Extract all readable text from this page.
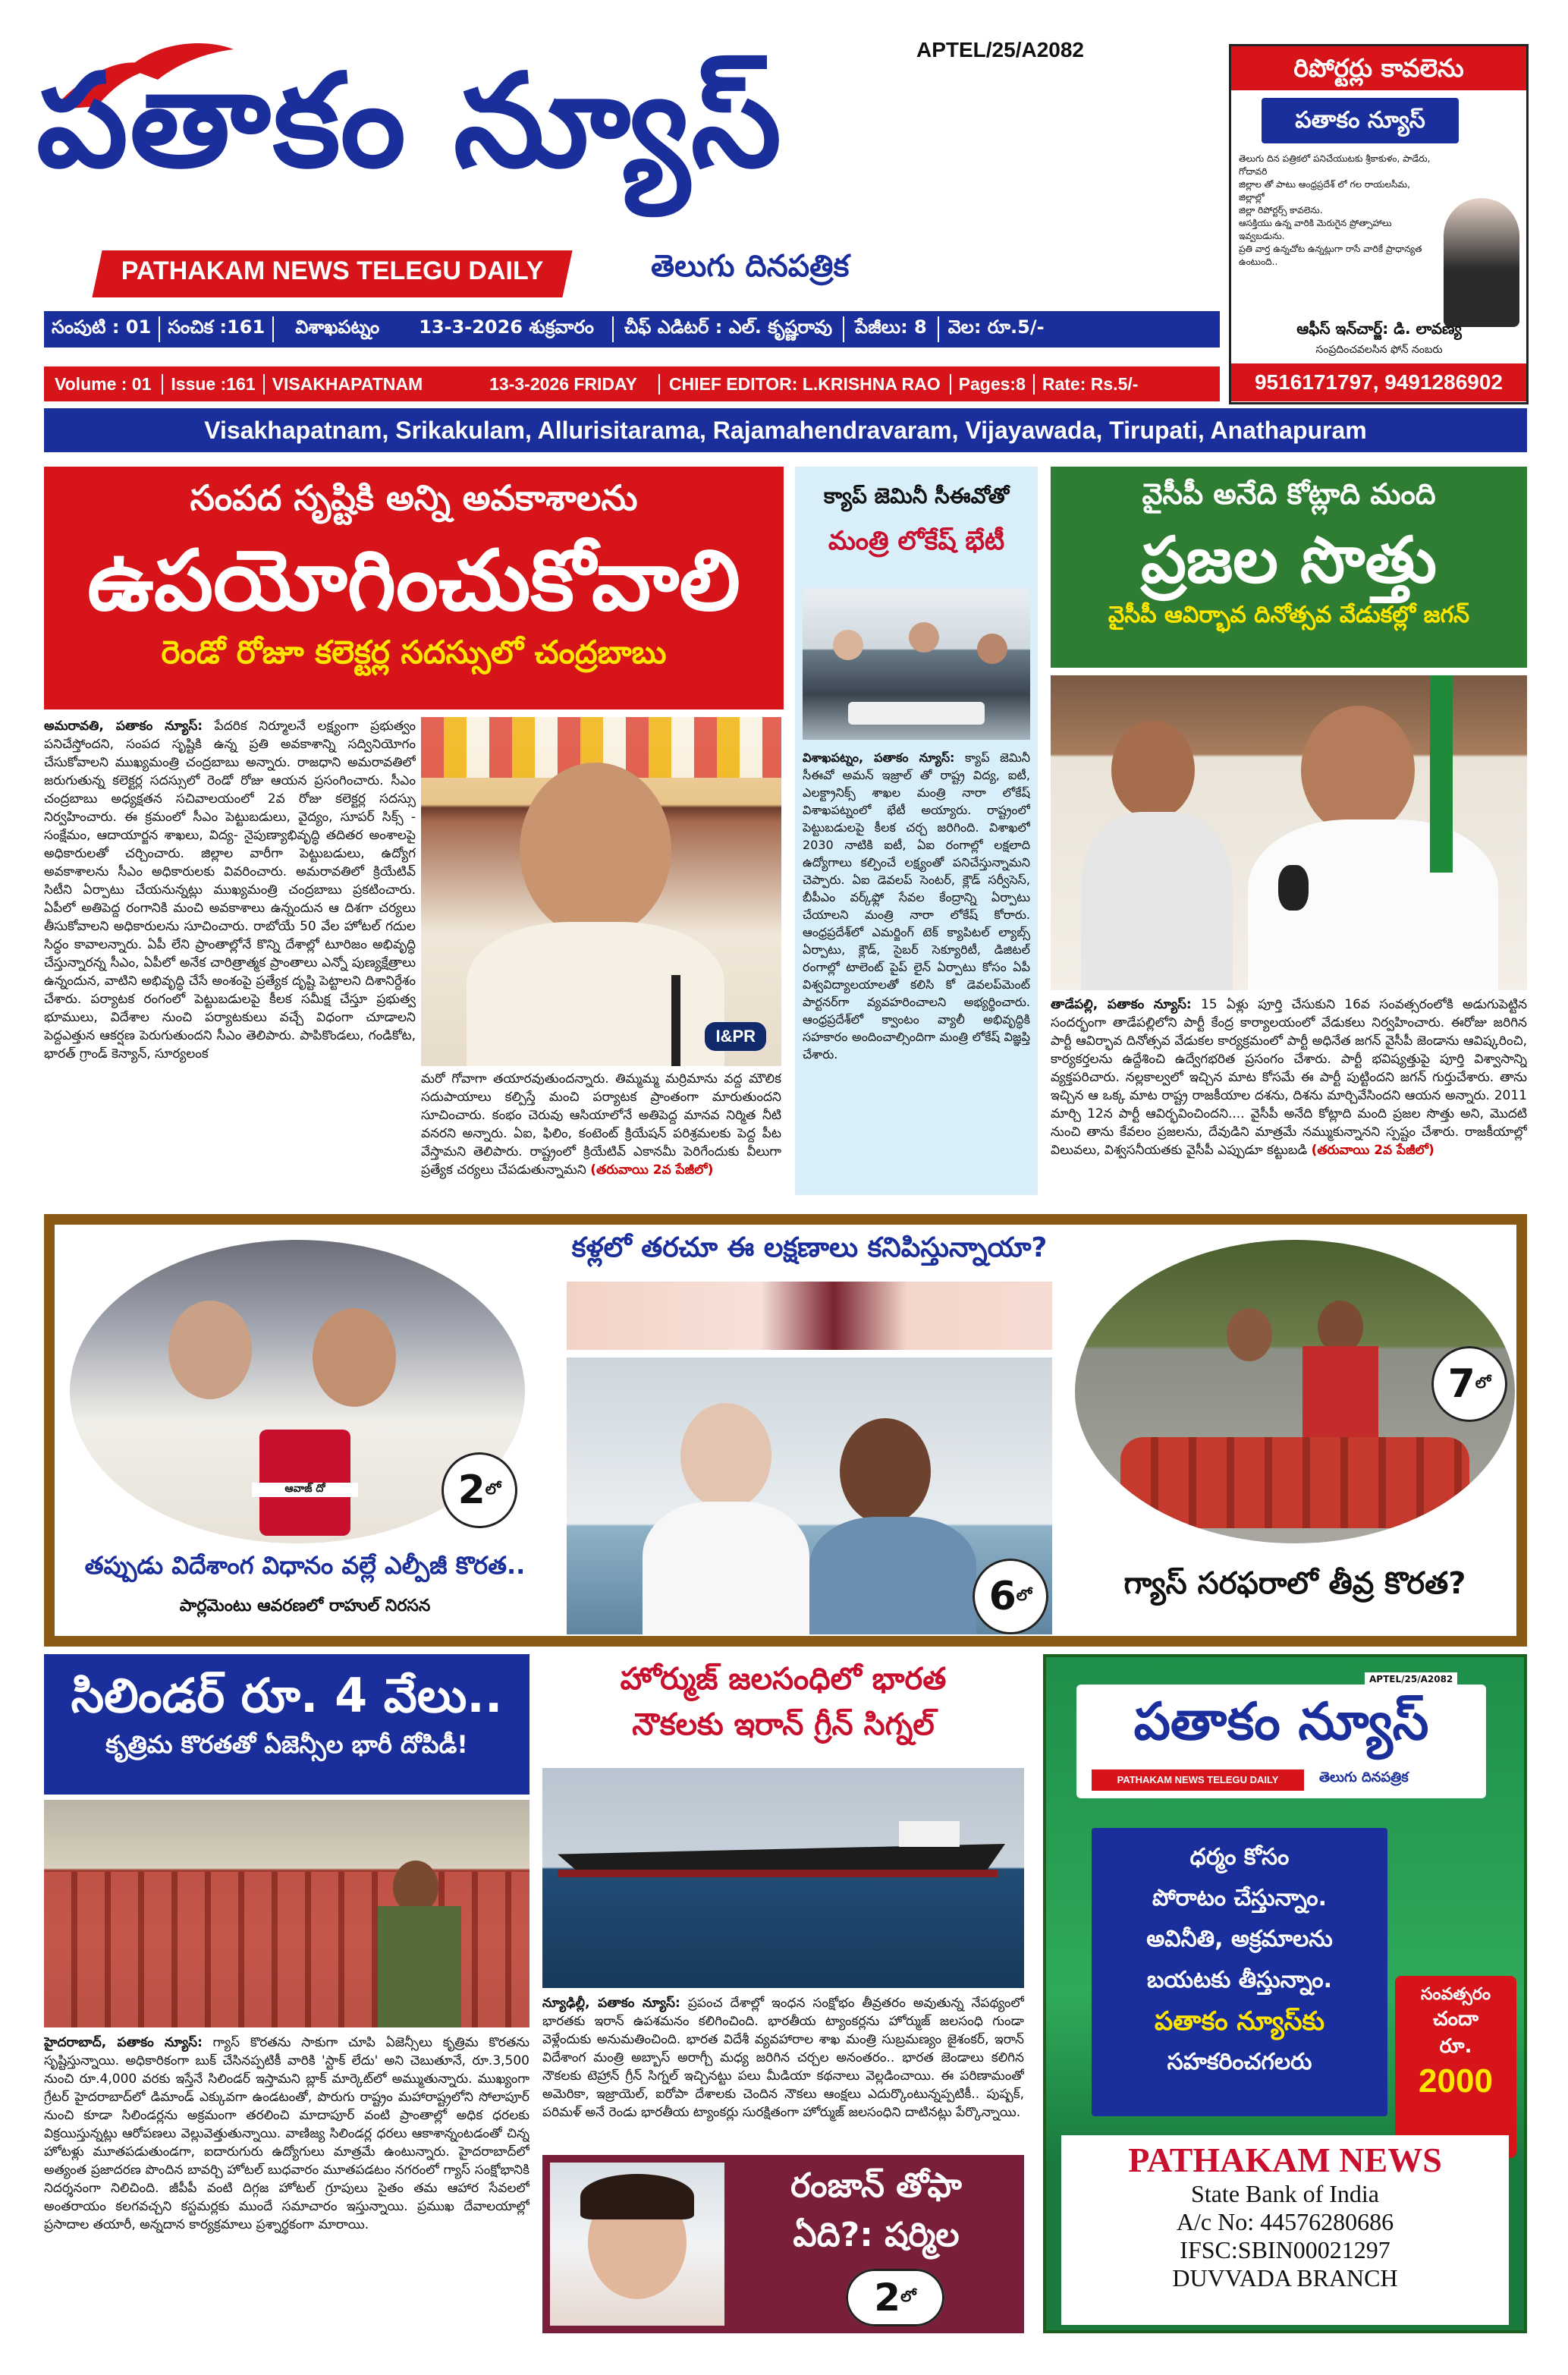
పతాకం న్యూస్	APTEL/25/A2082
PATHAKAM NEWS TELEGU DAILY	తెలుగు దినపత్రిక
సంపుటి : 01 సంచిక :161	విశాఖపట్నం	13-3-2026 శుక్రవారం	చీఫ్ ఎడిటర్ : ఎల్. కృష్ణరావు	పేజీలు: 8	వెల: రూ.5/-
Volume : 01	Issue :161 VISAKHAPATNAM	13-3-2026 FRIDAY	CHIEF EDITOR: L.KRISHNA RAO	Pages:8 Rate: Rs.5/-
రిపోర్టర్లు కావలెను
పతాకం న్యూస్
తెలుగు దిన పత్రికలో పనిచేయుటకు శ్రీకాకుళం, పాడేరు, గోదావరి
జిల్లాల తో పాటు ఆంధ్రప్రదేశ్ లో గల రాయలసీమ, జిల్లాల్లో
జిల్లా రిపోర్టర్స్ కావలెను.
ఆసక్తియు ఉన్న వారికి మెరుగైన ప్రోత్సాహాలు ఇవ్వబడును.
ప్రతి వార్త ఉన్నచోట ఉన్నట్లుగా రాసే వారికే ప్రాధాన్యత ఉంటుంది..
ఆఫీస్ ఇన్‌చార్జ్: డి. లావణ్య
సంప్రదించవలసిన ఫోన్ నంబరు
9516171797, 9491286902
Visakhapatnam, Srikakulam, Allurisitarama, Rajamahendravaram, Vijayawada, Tirupati, Anathapuram
సంపద సృష్టికి అన్ని అవకాశాలను
ఉపయోగించుకోవాలి
రెండో రోజూ కలెక్టర్ల సదస్సులో చంద్రబాబు
అమరావతి, పతాకం న్యూస్: పేదరిక నిర్మూలనే లక్ష్యంగా ప్రభుత్వం పనిచేస్తోందని, సంపద సృష్టికి ఉన్న ప్రతి అవకాశాన్ని సద్వినియోగం చేసుకోవాలని ముఖ్యమంత్రి చంద్రబాబు అన్నారు. రాజధాని అమరావతిలో జరుగుతున్న కలెక్టర్ల సదస్సులో రెండో రోజు ఆయన ప్రసంగించారు. సీఎం చంద్రబాబు అధ్యక్షతన సచివాలయంలో 2వ రోజు కలెక్టర్ల సదస్సు నిర్వహించారు. ఈ క్రమంలో సీఎం పెట్టుబడులు, వైద్యం, సూపర్ సిక్స్ - సంక్షేమం, ఆదాయార్జన శాఖలు, విద్య- నైపుణ్యాభివృద్ధి తదితర అంశాలపై అధికారులతో చర్చించారు. జిల్లాల వారీగా పెట్టుబడులు, ఉద్యోగ అవకాశాలను సీఎం అధికారులకు వివరించారు. అమరావతిలో క్రియేటివ్ సిటీని ఏర్పాటు చేయనున్నట్లు ముఖ్యమంత్రి చంద్రబాబు ప్రకటించారు. ఏపీలో అతిపెద్ద రంగానికి మంచి అవకాశాలు ఉన్నందున ఆ దిశగా చర్యలు తీసుకోవాలని అధికారులను సూచించారు. రాబోయే 50 వేల హోటల్ గదుల సిద్ధం కావాలన్నారు. ఏపీ లేని ప్రాంతాల్లోనే కొన్ని దేశాల్లో టూరిజం అభివృద్ధి చేస్తున్నారన్న సీఎం, ఏపీలో అనేక చారిత్రాత్మక ప్రాంతాలు ఎన్నో పుణ్యక్షేత్రాలు ఉన్నందున, వాటిని అభివృద్ధి చేసే అంశంపై ప్రత్యేక దృష్టి పెట్టాలని దిశానిర్దేశం చేశారు. పర్యాటక రంగంలో పెట్టుబడులపై కీలక సమీక్ష చేస్తూ ప్రభుత్వ భూములు, విదేశాల నుంచి పర్యాటకులు వచ్చే విధంగా చూడాలని పెద్దఎత్తున ఆకర్షణ పెరుగుతుందని సీఎం తెలిపారు. పాపికొండలు, గండికోట, భారత్ గ్రాండ్ కెన్యాన్, సూర్యలంక
I&PR
మరో గోవాగా తయారవుతుందన్నారు. తిమ్మమ్మ మర్రిమాను వద్ద మౌలిక సదుపాయాలు కల్పిస్తే మంచి పర్యాటక ప్రాంతంగా మారుతుందని సూచించారు. కంభం చెరువు ఆసియాలోనే అతిపెద్ద మానవ నిర్మిత నీటి వనరని అన్నారు. ఏఐ, ఫిలిం, కంటెంట్ క్రియేషన్ పరిశ్రమలకు పెద్ద పీట వేస్తామని తెలిపారు. రాష్ట్రంలో క్రియేటివ్ ఎకానమీ పెరిగేందుకు వీలుగా ప్రత్యేక చర్యలు చేపడుతున్నామని (తరువాయి 2వ పేజీలో)
క్యాప్ జెమినీ సీఈవోతో
మంత్రి లోకేష్ భేటీ
విశాఖపట్నం, పతాకం న్యూస్: క్యాప్ జెమినీ సీఈవో అమన్ ఇజ్రాల్ తో రాష్ట్ర విద్య, ఐటీ, ఎలక్ట్రానిక్స్ శాఖల మంత్రి నారా లోకేష్ విశాఖపట్నంలో భేటీ అయ్యారు. రాష్ట్రంలో పెట్టుబడులపై కీలక చర్చ జరిగింది. విశాఖలో 2030 నాటికి ఐటీ, ఏఐ రంగాల్లో లక్షలాది ఉద్యోగాలు కల్పించే లక్ష్యంతో పనిచేస్తున్నామని చెప్పారు. ఏఐ డెవలప్ సెంటర్, క్లౌడ్ సర్వీసెస్, బీపీఎం వర్క్‌ఫ్లో సేవల కేంద్రాన్ని ఏర్పాటు చేయాలని మంత్రి నారా లోకేష్ కోరారు. ఆంధ్రప్రదేశ్‌లో ఎమర్జింగ్ టెక్ క్యాపిటల్ ల్యాబ్స్ ఏర్పాటు, క్లౌడ్, సైబర్ సెక్యూరిటీ, డిజిటల్ రంగాల్లో టాలెంట్ పైప్ లైన్ ఏర్పాటు కోసం ఏపీ విశ్వవిద్యాలయాలతో కలిసి కో డెవలప్‌మెంట్ పార్టనర్‌గా వ్యవహరించాలని అభ్యర్థించారు. ఆంధ్రప్రదేశ్‌లో క్వాంటం వ్యాలీ అభివృద్ధికి సహకారం అందించాల్సిందిగా మంత్రి లోకేష్ విజ్ఞప్తి చేశారు.
వైసీపీ అనేది కోట్లాది మంది
ప్రజల సొత్తు
వైసీపీ ఆవిర్భావ దినోత్సవ వేడుకల్లో జగన్
తాడేపల్లి, పతాకం న్యూస్: 15 ఏళ్లు పూర్తి చేసుకుని 16వ సంవత్సరంలోకి అడుగుపెట్టిన సందర్భంగా తాడేపల్లిలోని పార్టీ కేంద్ర కార్యాలయంలో వేడుకలు నిర్వహించారు. ఈరోజు జరిగిన పార్టీ ఆవిర్భావ దినోత్సవ వేడుకల కార్యక్రమంలో పార్టీ అధినేత జగన్ వైసీపీ జెండాను ఆవిష్కరించి, కార్యకర్తలను ఉద్దేశించి ఉద్వేగభరిత ప్రసంగం చేశారు. పార్టీ భవిష్యత్తుపై పూర్తి విశ్వాసాన్ని వ్యక్తపరిచారు. నల్లకాల్వలో ఇచ్చిన మాట కోసమే ఈ పార్టీ పుట్టిందని జగన్ గుర్తుచేశారు. తాను ఇచ్చిన ఆ ఒక్క మాట రాష్ట్ర రాజకీయాల దశను, దిశను మార్చివేసిందని ఆయన అన్నారు. 2011 మార్చి 12న పార్టీ ఆవిర్భవించిందని.... వైసీపీ అనేది కోట్లాది మంది ప్రజల సొత్తు అని, మొదటి నుంచి తాను కేవలం ప్రజలను, దేవుడిని మాత్రమే నమ్ముకున్నానని స్పష్టం చేశారు. రాజకీయాల్లో విలువలు, విశ్వసనీయతకు వైసీపీ ఎప్పుడూ కట్టుబడి (తరువాయి 2వ పేజీలో)
ఆవాజ్ దో	2 లో
తప్పుడు విదేశాంగ విధానం వల్లే ఎల్పీజీ కొరత..
పార్లమెంటు ఆవరణలో రాహుల్ నిరసన
కళ్లలో తరచూ ఈ లక్షణాలు కనిపిస్తున్నాయా?
6 లో
7 లో
గ్యాస్ సరఫరాలో తీవ్ర కొరత?
సిలిండర్ రూ. 4 వేలు..
కృత్రిమ కొరతతో ఏజెన్సీల భారీ దోపిడీ!
హైదరాబాద్, పతాకం న్యూస్: గ్యాస్ కొరతను సాకుగా చూపి ఏజెన్సీలు కృత్రిమ కొరతను సృష్టిస్తున్నాయి. అధికారికంగా బుక్ చేసినప్పటికీ వారికి 'స్టాక్ లేదు' అని చెబుతూనే, రూ.3,500 నుంచి రూ.4,000 వరకు ఇస్తేనే సిలిండర్ ఇస్తామని బ్లాక్ మార్కెట్‌లో అమ్ముతున్నారు. ముఖ్యంగా గ్రేటర్ హైదరాబాద్‌లో డిమాండ్ ఎక్కువగా ఉండటంతో, పొరుగు రాష్ట్రం మహారాష్ట్రలోని సోలాపూర్ నుంచి కూడా సిలిండర్లను అక్రమంగా తరలించి మాదాపూర్ వంటి ప్రాంతాల్లో అధిక ధరలకు విక్రయిస్తున్నట్లు ఆరోపణలు వెల్లువెత్తుతున్నాయి. వాణిజ్య సిలిండర్ల ధరలు ఆకాశాన్నంటడంతో చిన్న హోటళ్లు మూతపడుతుండగా, ఐదారుగురు ఉద్యోగులు మాత్రమే ఉంటున్నారు. హైదరాబాద్‌లో అత్యంత ప్రజాదరణ పొందిన బావర్చి హోటల్ బుధవారం మూతపడటం నగరంలో గ్యాస్ సంక్షోభానికి నిదర్శనంగా నిలిచింది. జీపీపీ వంటి దిగ్గజ హోటల్ గ్రూపులు సైతం తమ ఆహార సేవలలో అంతరాయం కలగవచ్చని కస్టమర్లకు ముందే సమాచారం ఇస్తున్నాయి. ప్రముఖ దేవాలయాల్లో ప్రసాదాల తయారీ, అన్నదాన కార్యక్రమాలు ప్రశ్నార్థకంగా మారాయి.
హోర్ముజ్ జలసంధిలో భారత
నౌకలకు ఇరాన్ గ్రీన్ సిగ్నల్
న్యూఢిల్లీ, పతాకం న్యూస్: ప్రపంచ దేశాల్లో ఇంధన సంక్షోభం తీవ్రతరం అవుతున్న నేపథ్యంలో భారతకు ఇరాన్ ఉపశమనం కలిగించింది. భారతీయ ట్యాంకర్లను హోర్ముజ్ జలసంధి గుండా వెళ్లేందుకు అనుమతించింది. భారత విదేశీ వ్యవహారాల శాఖ మంత్రి సుబ్రమణ్యం జైశంకర్, ఇరాన్ విదేశాంగ మంత్రి అబ్బాస్ అరాగ్చీ మధ్య జరిగిన చర్చల అనంతరం.. భారత జెండాలు కలిగిన నౌకలకు టెహ్రాన్ గ్రీన్ సిగ్నల్ ఇచ్చినట్టు పలు మీడియా కథనాలు వెల్లడించాయి. ఈ పరిణామంతో అమెరికా, ఇజ్రాయెల్, ఐరోపా దేశాలకు చెందిన నౌకలు ఆంక్షలు ఎదుర్కొంటున్నప్పటికీ.. పుష్పక్, పరిమళ్ అనే రెండు భారతీయ ట్యాంకర్లు సురక్షితంగా హోర్ముజ్ జలసంధిని దాటినట్లు పేర్కొన్నాయి.
రంజాన్ తోఫా
ఏది?: షర్మిల
2 లో
APTEL/25/A2082
పతాకం న్యూస్
PATHAKAM NEWS TELEGU DAILY	తెలుగు దినపత్రిక
ధర్మం కోసం
పోరాటం చేస్తున్నాం.
అవినీతి, అక్రమాలను
బయటకు తీస్తున్నాం.
పతాకం న్యూస్‌కు
సహకరించగలరు
సంవత్సరం
చందా
రూ.
2000
PATHAKAM NEWS
State Bank of India
A/c No: 44576280686
IFSC:SBIN00021297
DUVVADA BRANCH
